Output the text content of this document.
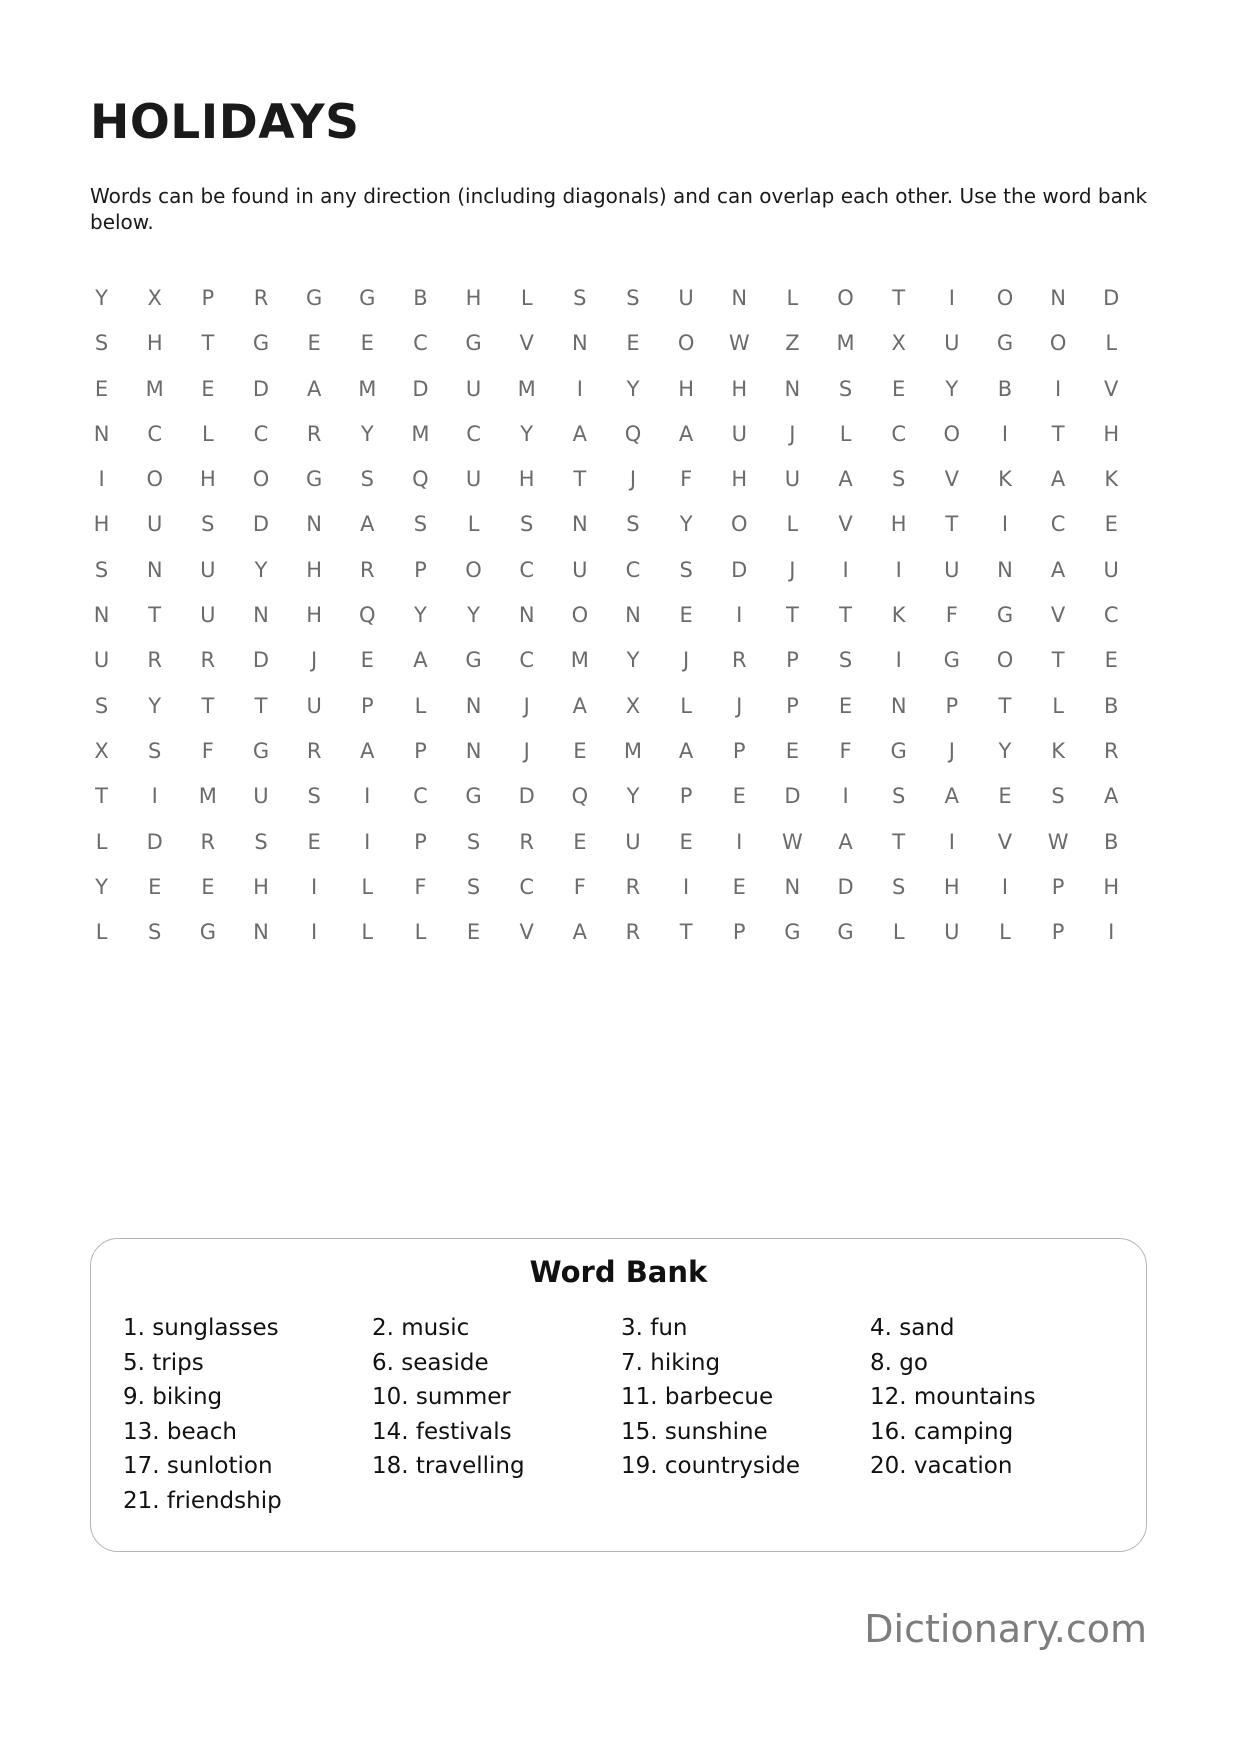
HOLIDAYS

Words can be found in any direction (including diagonals) and can overlap each other. Use the word bank below.

Y	X	P	R	G	G	B	H	L	S	S	U	N	L	O	T	I	O	N	D
S	H	T	G	E	E	C	G	V	N	E	O	W	Z	M	X	U	G	O	L
E	M	E	D	A	M	D	U	M	I	Y	H	H	N	S	E	Y	B	I	V
N	C	L	C	R	Y	M	C	Y	A	Q	A	U	J	L	C	O	I	T	H
I	O	H	O	G	S	Q	U	H	T	J	F	H	U	A	S	V	K	A	K
H	U	S	D	N	A	S	L	S	N	S	Y	O	L	V	H	T	I	C	E
S	N	U	Y	H	R	P	O	C	U	C	S	D	J	I	I	U	N	A	U
N	T	U	N	H	Q	Y	Y	N	O	N	E	I	T	T	K	F	G	V	C
U	R	R	D	J	E	A	G	C	M	Y	J	R	P	S	I	G	O	T	E
S	Y	T	T	U	P	L	N	J	A	X	L	J	P	E	N	P	T	L	B
X	S	F	G	R	A	P	N	J	E	M	A	P	E	F	G	J	Y	K	R
T	I	M	U	S	I	C	G	D	Q	Y	P	E	D	I	S	A	E	S	A
L	D	R	S	E	I	P	S	R	E	U	E	I	W	A	T	I	V	W	B
Y	E	E	H	I	L	F	S	C	F	R	I	E	N	D	S	H	I	P	H
L	S	G	N	I	L	L	E	V	A	R	T	P	G	G	L	U	L	P	I
Word Bank
1. sunglasses	2. music	3. fun	4. sand
5. trips	6. seaside	7. hiking	8. go
9. biking	10. summer	11. barbecue	12. mountains
13. beach	14. festivals	15. sunshine	16. camping
17. sunlotion	18. travelling	19. countryside	20. vacation
21. friendship
Dictionary.com
